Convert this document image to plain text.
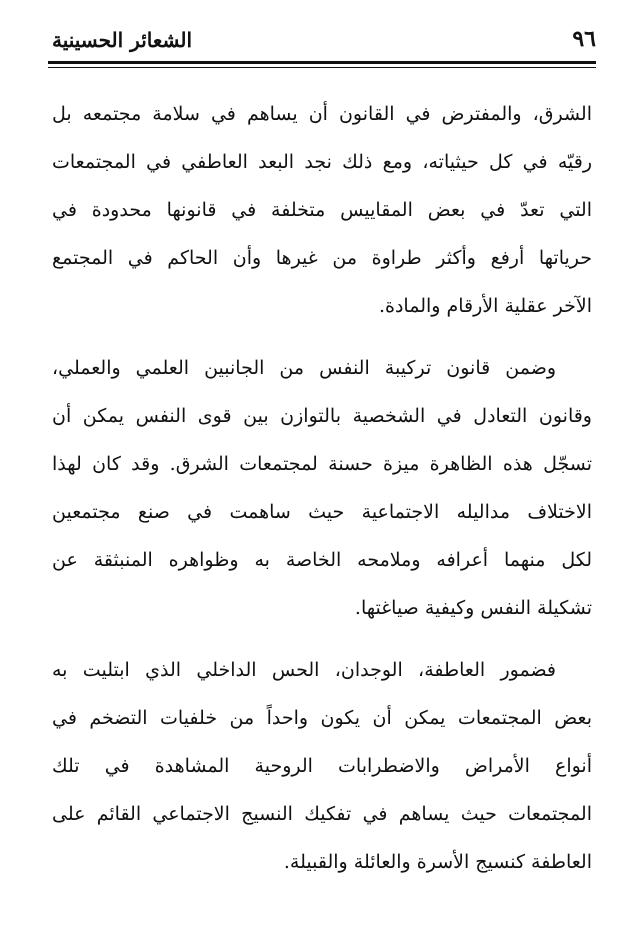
الشعائر الحسينية	٩٦

الشرق، والمفترض في القانون أن يساهم في سلامة مجتمعه بل
رقيّه في كل حيثياته، ومع ذلك نجد البعد العاطفي في المجتمعات
التي تعدّ في بعض المقاييس متخلفة في قانونها محدودة في
حرياتها أرفع وأكثر طراوة من غيرها وأن الحاكم في المجتمع
الآخر عقلية الأرقام والمادة.

وضمن قانون تركيبة النفس من الجانبين العلمي والعملي،
وقانون التعادل في الشخصية بالتوازن بين قوى النفس يمكن أن
تسجّل هذه الظاهرة ميزة حسنة لمجتمعات الشرق. وقد كان لهذا
الاختلاف مداليله الاجتماعية حيث ساهمت في صنع مجتمعين
لكل منهما أعرافه وملامحه الخاصة به وظواهره المنبثقة عن
تشكيلة النفس وكيفية صياغتها.

فضمور العاطفة، الوجدان، الحس الداخلي الذي ابتليت به
بعض المجتمعات يمكن أن يكون واحداً من خلفيات التضخم في
أنواع الأمراض والاضطرابات الروحية المشاهدة في تلك
المجتمعات حيث يساهم في تفكيك النسيج الاجتماعي القائم على
العاطفة كنسيج الأسرة والعائلة والقبيلة.
